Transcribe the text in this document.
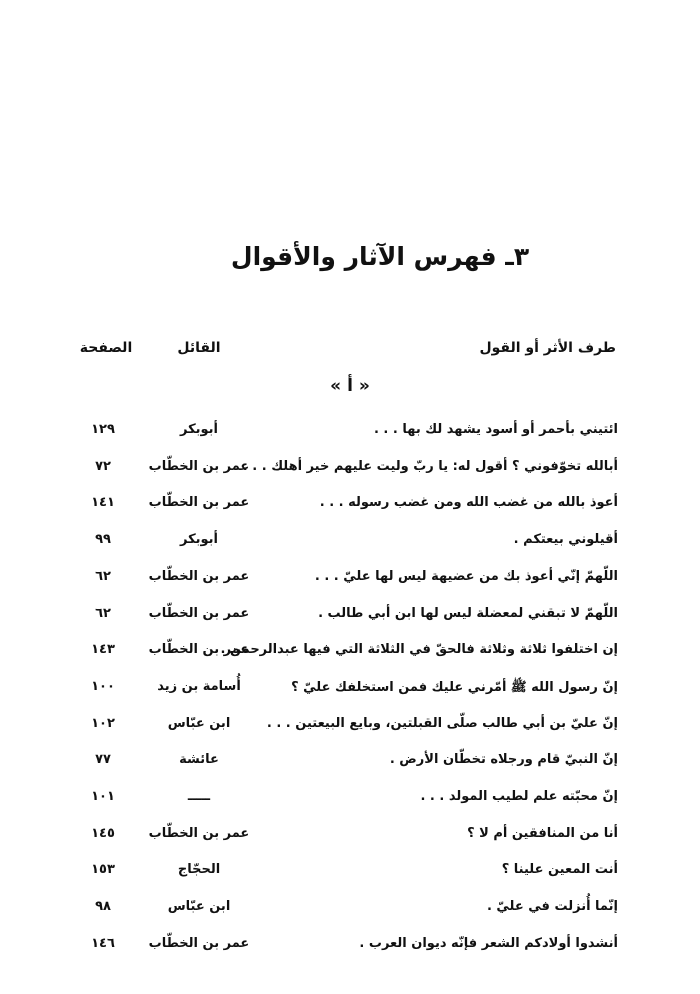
٣ـ فهرس الآثار والأقوال
طرف الأثر أو القول
القائل
الصفحة
« أ »
ائتيني بأحمر أو أسود يشهد لك بها . . .
أبوبكر
١٢٩
أبالله تخوّفوني ؟ أقول له: يا ربّ وليت عليهم خير أهلك . . .
عمر بن الخطّاب
٧٢
أعوذ بالله من غضب الله ومن غضب رسوله . . .
عمر بن الخطّاب
١٤١
أقيلوني بيعتكم .
أبوبكر
٩٩
اللّهمّ إنّي أعوذ بك من عضيهة ليس لها عليّ . . .
عمر بن الخطّاب
٦٢
اللّهمّ لا تبقني لمعضلة ليس لها ابن أبي طالب .
عمر بن الخطّاب
٦٢
إن اختلفوا ثلاثة وثلاثة فالحقّ في الثلاثة التي فيها عبدالرحمن .
عمر بن الخطّاب
١٤٣
إنّ رسول الله ﷺ أمّرني عليك فمن استخلفك عليّ ؟
أُسامة بن زيد
١٠٠
إنّ عليّ بن أبي طالب صلّى القبلتين، وبايع البيعتين . . .
ابن عبّاس
١٠٢
إنّ النبيّ قام ورجلاه تخطّان الأرض .
عائشة
٧٧
إنّ محبّته علم لطيب المولد . . .
ـــــ
١٠١
أنا من المنافقين أم لا ؟
عمر بن الخطّاب
١٤٥
أنت المعين علينا ؟
الحجّاج
١٥٣
إنّما أُنزلت في عليّ .
ابن عبّاس
٩٨
أنشدوا أولادكم الشعر فإنّه ديوان العرب .
عمر بن الخطّاب
١٤٦
